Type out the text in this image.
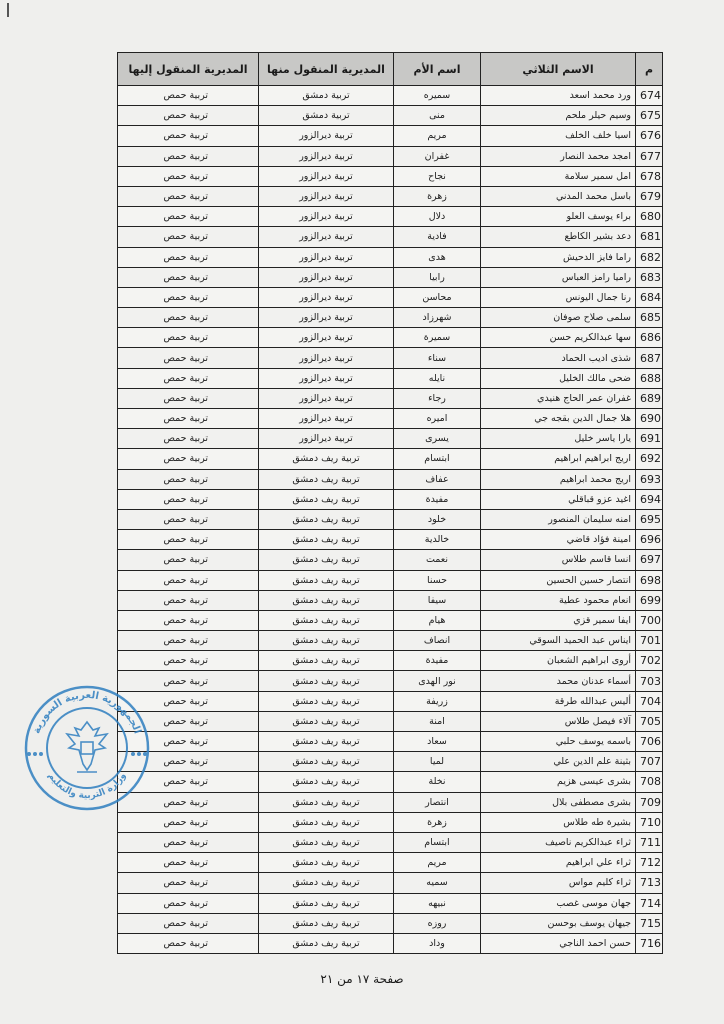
م	الاسم الثلاثي	اسم الأم	المديرية المنقول منها	المديرية المنقول إليها
674	ورد محمد اسعد	سميره	تربية دمشق	تربية حمص
675	وسيم حيلر ملحم	منى	تربية دمشق	تربية حمص
676	اسيا خلف الخلف	مريم	تربية ديرالزور	تربية حمص
677	امجد محمد النصار	غفران	تربية ديرالزور	تربية حمص
678	امل سمير سلامة	نجاح	تربية ديرالزور	تربية حمص
679	باسل محمد المدني	زهرة	تربية ديرالزور	تربية حمص
680	براء يوسف العلو	دلال	تربية ديرالزور	تربية حمص
681	دعد بشير الكاطع	فادية	تربية ديرالزور	تربية حمص
682	راما فايز الدحيش	هدى	تربية ديرالزور	تربية حمص
683	راميا رامز العباس	رابيا	تربية ديرالزور	تربية حمص
684	رنا جمال اليونس	محاسن	تربية ديرالزور	تربية حمص
685	سلمى صلاح صوفان	شهرزاد	تربية ديرالزور	تربية حمص
686	سها عبدالكريم حسن	سميرة	تربية ديرالزور	تربية حمص
687	شذى اديب الحماد	سناء	تربية ديرالزور	تربية حمص
688	ضحى مالك الخليل	نايله	تربية ديرالزور	تربية حمص
689	غفران عمر الحاج هنيدي	رجاء	تربية ديرالزور	تربية حمص
690	هلا جمال الدين بقجه جي	اميره	تربية ديرالزور	تربية حمص
691	يارا ياسر خليل	يسرى	تربية ديرالزور	تربية حمص
692	اريج ابراهيم ابراهيم	ابتسام	تربية ريف دمشق	تربية حمص
693	اريج محمد ابراهيم	عفاف	تربية ريف دمشق	تربية حمص
694	اغيد عزو قباقلي	مفيدة	تربية ريف دمشق	تربية حمص
695	امنه سليمان المنصور	خلود	تربية ريف دمشق	تربية حمص
696	امينة فؤاد قاضي	خالدية	تربية ريف دمشق	تربية حمص
697	انسا قاسم طلاس	نعمت	تربية ريف دمشق	تربية حمص
698	انتصار حسين الحسين	حسنا	تربية ريف دمشق	تربية حمص
699	انعام محمود عطية	سيفا	تربية ريف دمشق	تربية حمص
700	ايفا سمير قزي	هيام	تربية ريف دمشق	تربية حمص
701	ايناس عبد الحميد السوقي	انصاف	تربية ريف دمشق	تربية حمص
702	أروى ابراهيم الشعبان	مفيدة	تربية ريف دمشق	تربية حمص
703	أسماء عدنان محمد	نور الهدى	تربية ريف دمشق	تربية حمص
704	أليس عبدالله طرقة	زريفة	تربية ريف دمشق	تربية حمص
705	آلاء فيصل طلاس	امنة	تربية ريف دمشق	تربية حمص
706	باسمه يوسف حلبي	سعاد	تربية ريف دمشق	تربية حمص
707	بثينة علم الدين علي	لميا	تربية ريف دمشق	تربية حمص
708	بشرى عيسى هزيم	نخلة	تربية ريف دمشق	تربية حمص
709	بشرى مصطفى بلال	انتصار	تربية ريف دمشق	تربية حمص
710	بشيرة طه طلاس	زهرة	تربية ريف دمشق	تربية حمص
711	ثراء عبدالكريم ناصيف	ابتسام	تربية ريف دمشق	تربية حمص
712	ثراء علي ابراهيم	مريم	تربية ريف دمشق	تربية حمص
713	ثراء كليم مواس	سميه	تربية ريف دمشق	تربية حمص
714	جهان موسى غصب	نبيهه	تربية ريف دمشق	تربية حمص
715	جيهان يوسف بوحسن	روزه	تربية ريف دمشق	تربية حمص
716	حسن احمد الناجي	وداد	تربية ريف دمشق	تربية حمص
الجمهورية العربية السورية
وزارة التربية والتعليم
صفحة ١٧ من ٢١
